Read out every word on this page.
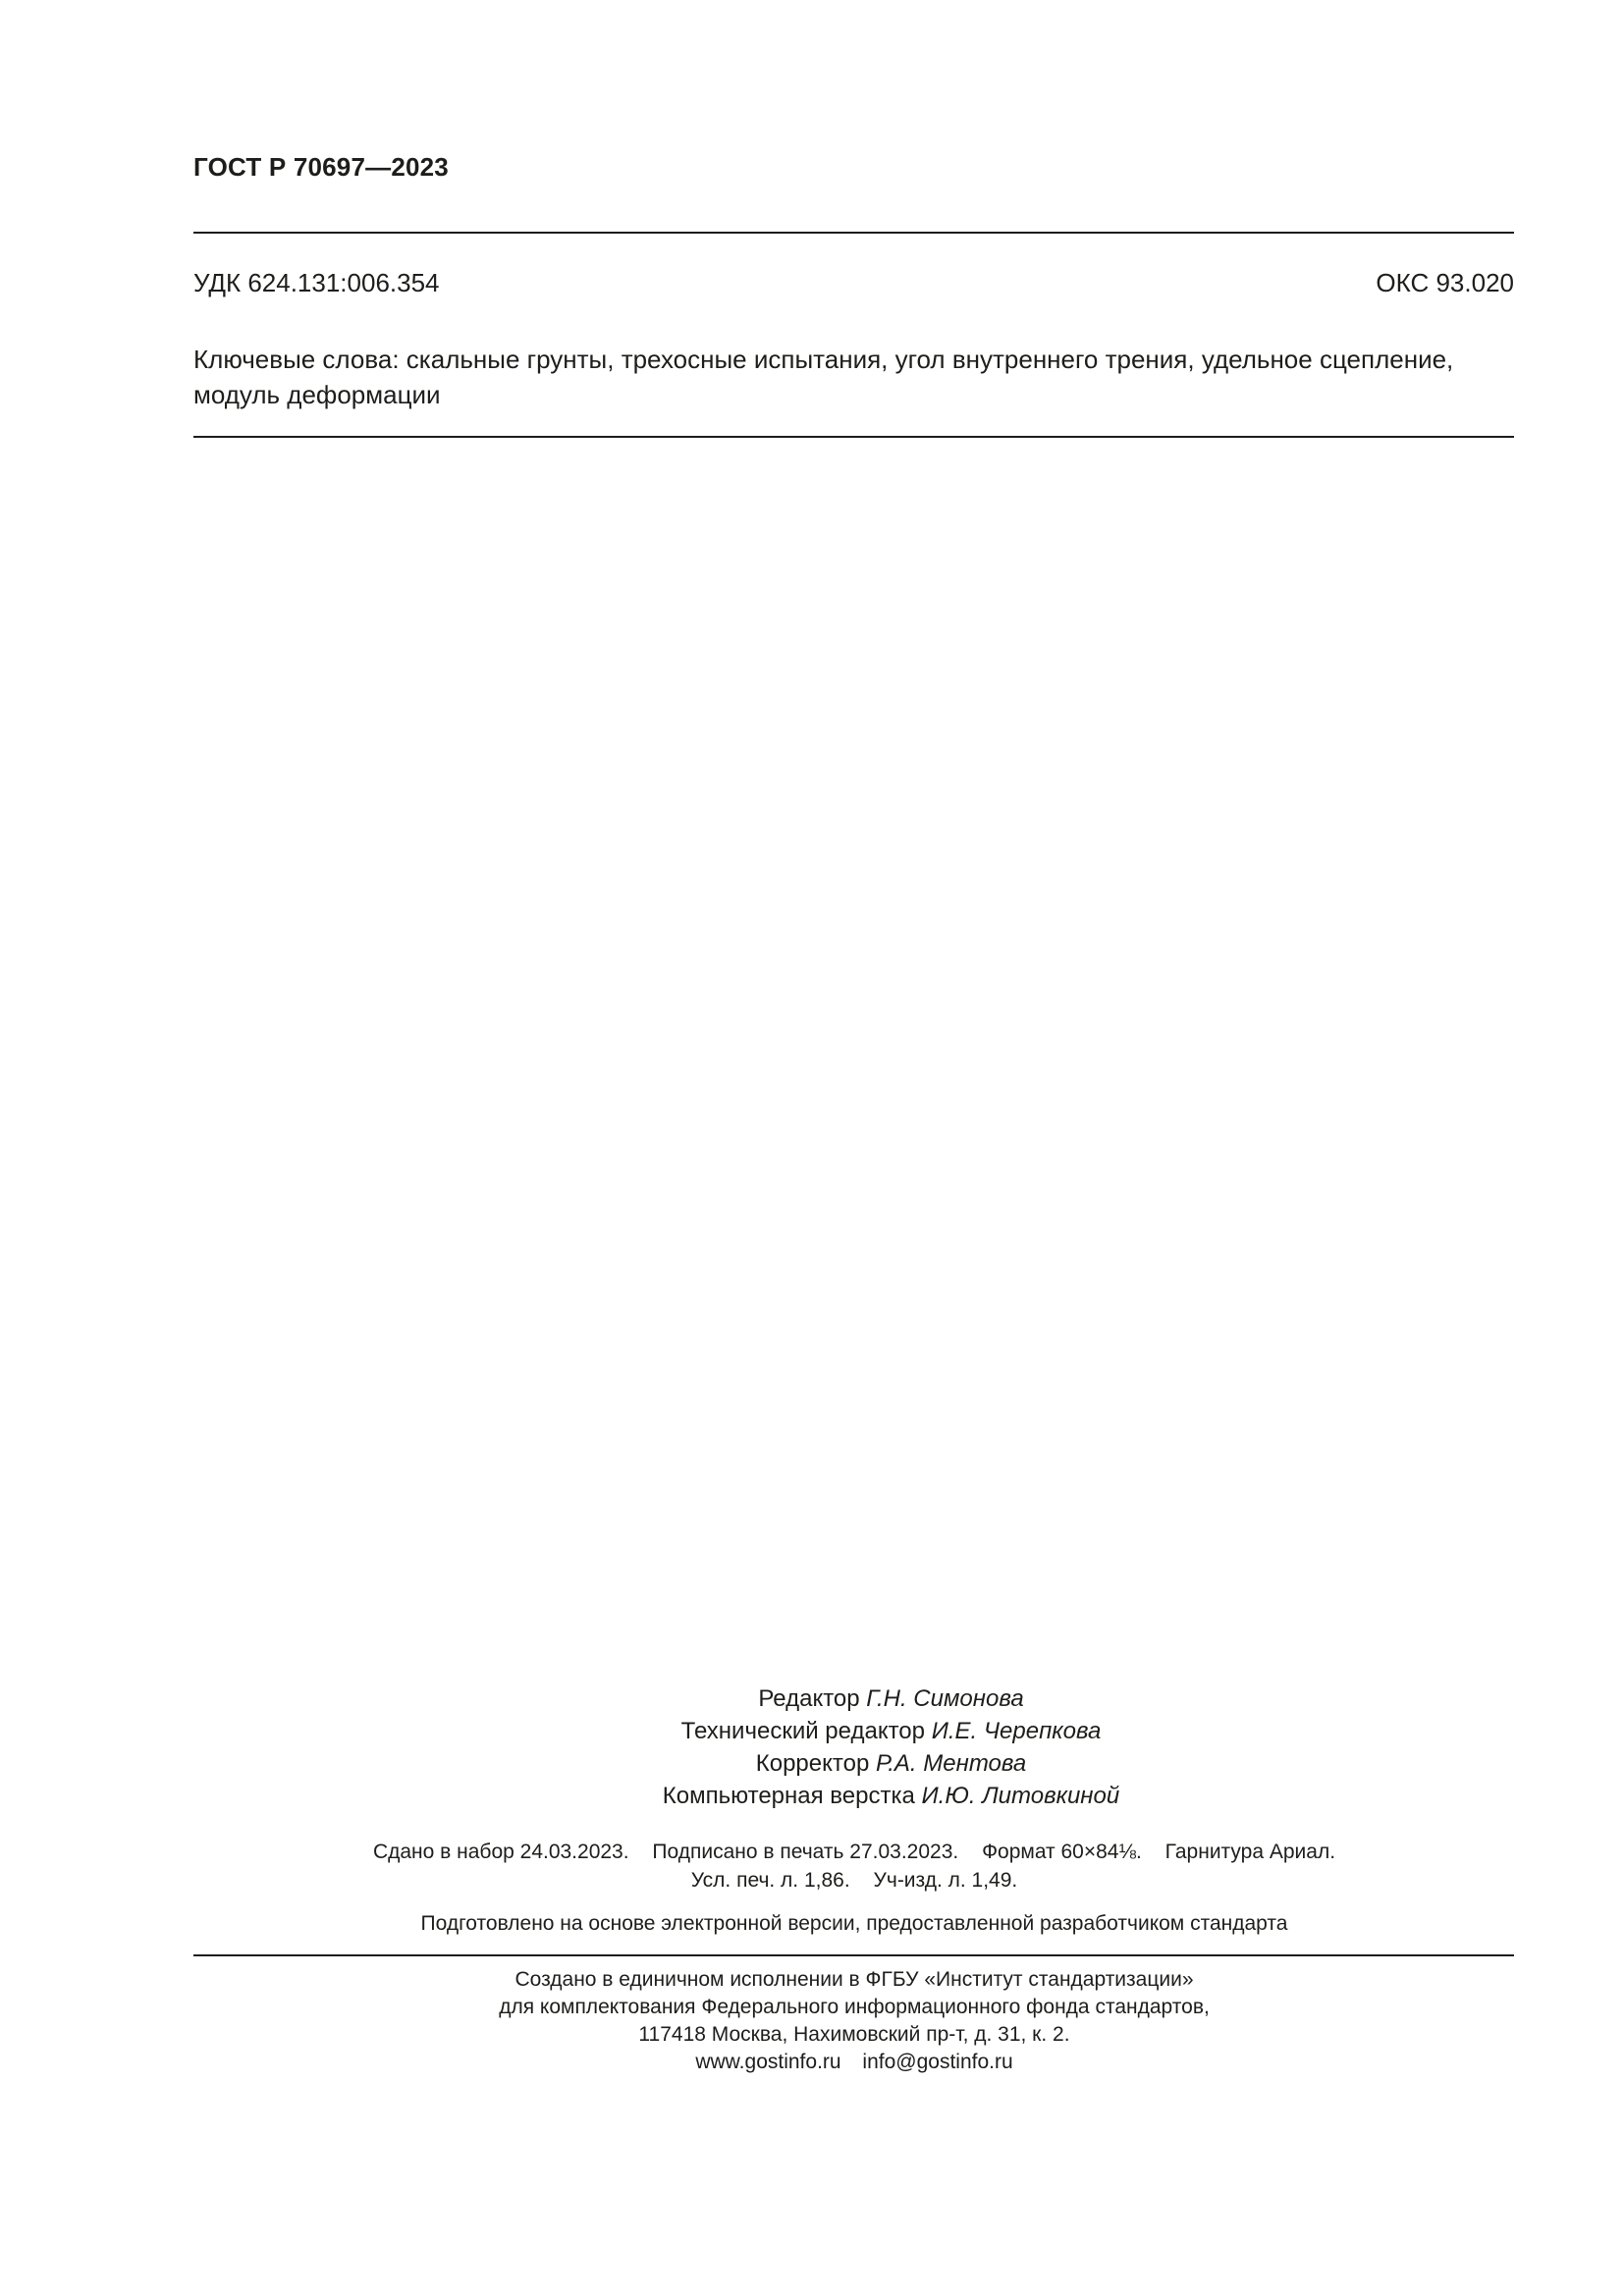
ГОСТ Р 70697—2023
УДК 624.131:006.354	ОКС 93.020
Ключевые слова: скальные грунты, трехосные испытания, угол внутреннего трения, удельное сцепление,
модуль деформации
Редактор Г.Н. Симонова
Технический редактор И.Е. Черепкова
Корректор Р.А. Ментова
Компьютерная верстка И.Ю. Литовкиной
Сдано в набор 24.03.2023. Подписано в печать 27.03.2023. Формат 60×84⅛. Гарнитура Ариал.
Усл. печ. л. 1,86. Уч-изд. л. 1,49.
Подготовлено на основе электронной версии, предоставленной разработчиком стандарта
Создано в единичном исполнении в ФГБУ «Институт стандартизации»
для комплектования Федерального информационного фонда стандартов,
117418 Москва, Нахимовский пр-т, д. 31, к. 2.
www.gostinfo.ru info@gostinfo.ru
